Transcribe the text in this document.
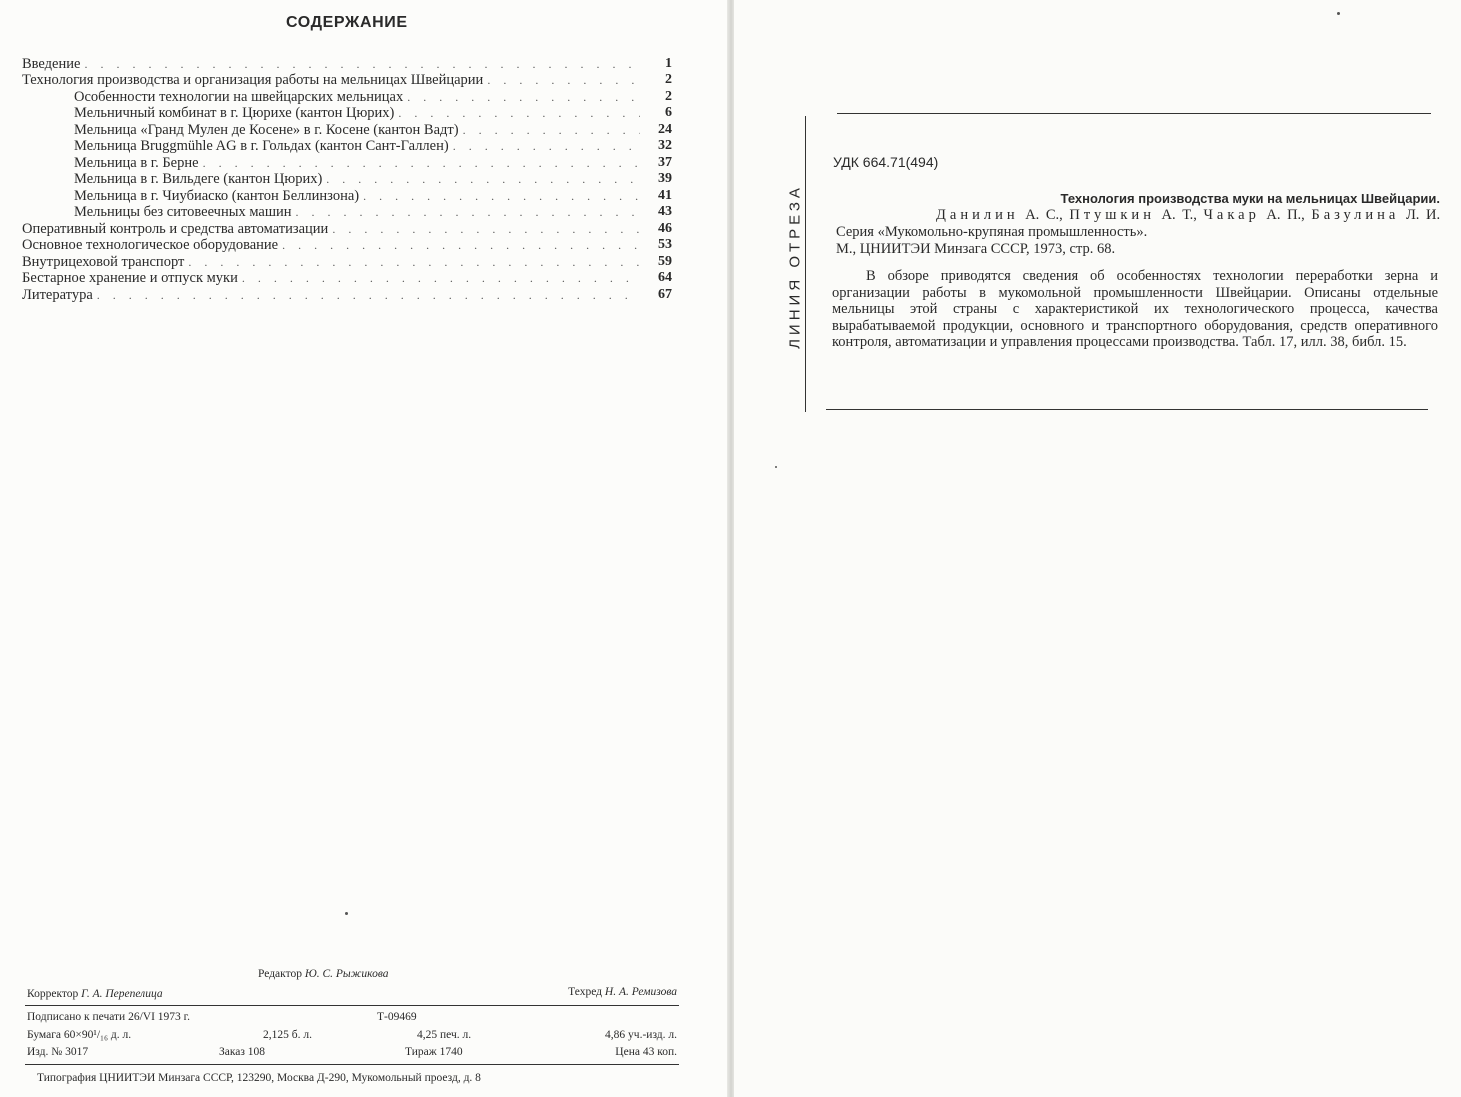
СОДЕРЖАНИЕ
Введение . . .	1
Технология производства и организация работы на мельницах Швейцарии . . .	2
Особенности технологии на швейцарских мельницах . . .	2
Мельничный комбинат в г. Цюрихе (кантон Цюрих) . . .	6
Мельница «Гранд Мулен де Косене» в г. Косене (кантон Вадт) . . .	24
Мельница Bruggmühle AG в г. Гольдах (кантон Сант-Галлен) . . .	32
Мельница в г. Берне . . .	37
Мельница в г. Вильдеге (кантон Цюрих) . . .	39
Мельница в г. Чиубиаско (кантон Беллинзона) . . .	41
Мельницы без ситовеечных машин . . .	43
Оперативный контроль и средства автоматизации . . .	46
Основное технологическое оборудование . . .	53
Внутрицеховой транспорт . . .	59
Бестарное хранение и отпуск муки . . .	64
Литература . . .	67
Редактор Ю. С. Рыжикова
Корректор Г. А. Перепелица	Техред Н. А. Ремизова
Подписано к печати 26/VI 1973 г.	Т-09469
Бумага 60×90¹/₁₆ д. л.	2,125 б. л.	4,25 печ. л.	4,86 уч.-изд. л.
Изд. № 3017	Заказ 108	Тираж 1740	Цена 43 коп.
Типография ЦНИИТЭИ Минзага СССР, 123290, Москва Д-290, Мукомольный проезд, д. 8
ЛИНИЯ ОТРЕЗА
УДК 664.71(494)
Технология производства муки на мельницах Швейцарии.
Данилин А. С., Птушкин А. Т., Чакар А. П., Базулина Л. И. Серия «Мукомольно-крупяная промышленность».
М., ЦНИИТЭИ Минзага СССР, 1973, стр. 68.
В обзоре приводятся сведения об особенностях технологии переработки зерна и организации работы в мукомольной промышленности Швейцарии. Описаны отдельные мельницы этой страны с характеристикой их технологического процесса, качества вырабатываемой продукции, основного и транспортного оборудования, средств оперативного контроля, автоматизации и управления процессами производства. Табл. 17, илл. 38, библ. 15.
